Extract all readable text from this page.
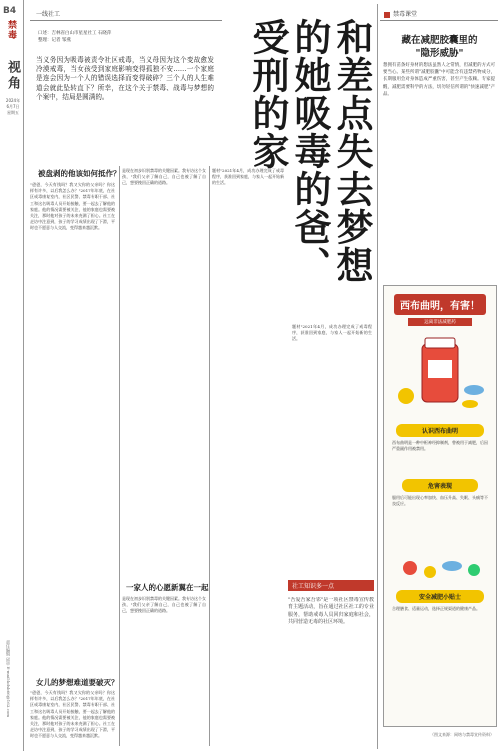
B4
禁毒
视角
2024年
6月7日
星期五
责任编辑 邱卓 E-mail:kdsb66@163.com
一线社工
口述：吉林省白山市星星社工 石晓萍
整理：记者 邹燕
当义务因为吸毒被责令社区戒毒，当义母因为这个变故愈发冷漠戒毒，当女孩受到家庭影响变得孤独不安……一个家庭是连会因为一个人的错误选择而变得破碎？三个人的人生难道会就此坠转直下？所幸，在这个关于禁毒、战毒与梦想的个案中，结局是圆满的。	和差点失去梦想的她吸毒的爸、受刑的家
被盘剥的他该如何抵作？
"爸爸，今天有钱吗？我又欠你的父亲吗？你这样有许多，以后我怎么办？"2017年年底，在社区戒毒康复室内，社区民警、禁毒专职干部、社工和这名吸毒人员开始接触，要一起去了解他的家庭。他的情况需要被关注，他的家庭也需要被关注，那时他对孩子的未来充满了担心。社工在走访中注意到，孩子的学习成绩出现了下滑，平时也不愿意与人交流，变得越来越沉默。
女儿的梦想难道要破灭？
"爸爸，今天有钱吗？我又欠你的父亲吗？你这样有许多，以后我怎么办？"2017年年底，在社区戒毒康复室内，社区民警、禁毒专职干部、社工和这名吸毒人员开始接触，要一起去了解他的家庭。他的情况需要被关注，他的家庭也需要被关注，那时他对孩子的未来充满了担心。社工在走访中注意到，孩子的学习成绩出现了下滑，平时也不愿意与人交流，变得越来越沉默。
是现在初步识别禁毒的关键因素。我专访这个女孩，"我们父亲了解自己，自己也被了解了自己，想要挽回正确的道路。
一家人的心愿新翼在一起
是现在初步识别禁毒的关键因素。我专访这个女孩，"我们父亲了解自己，自己也被了解了自己，想要挽回正确的道路。
题材"2021年4月，成功办理完成了戒毒程序，获准回到家庭，与家人一起开始新的生活。
题材"2021年4月，成功办理完成了戒毒程序，获准回到家庭，与家人一起开始新的生活。
社工知识多一点
"吾爱吾家吾邻"是一项社区禁毒宣传教育主题活动，旨在通过社区社工的专业服务，帮助戒毒人员回归家庭和社会，共同营造无毒的社区环境。
禁毒课堂
藏在减肥胶囊里的
"隐形威胁"
想拥有苗条好身材的想法虽然人之常情，但减肥的方式可要当心。某些所谓"减肥胶囊"中可能含有违禁药物成分，长期服用会对身体造成严重伤害，甚至产生依赖。专家提醒，减肥需要科学的方法，切勿轻信所谓的"快速减肥"产品。
西布曲明，有害！
远离非法减肥药
认识西布曲明
西布曲明是一种中枢神经抑制剂，曾被用于减肥，后因严重副作用被禁用。
危害表现
服用后可能出现心率加快、血压升高、失眠、头痛等不良反应。
安全减肥小贴士
合理膳食、适量运动，选择正规渠道的健康产品。
（图文来源：网络与禁毒宣传资料）
